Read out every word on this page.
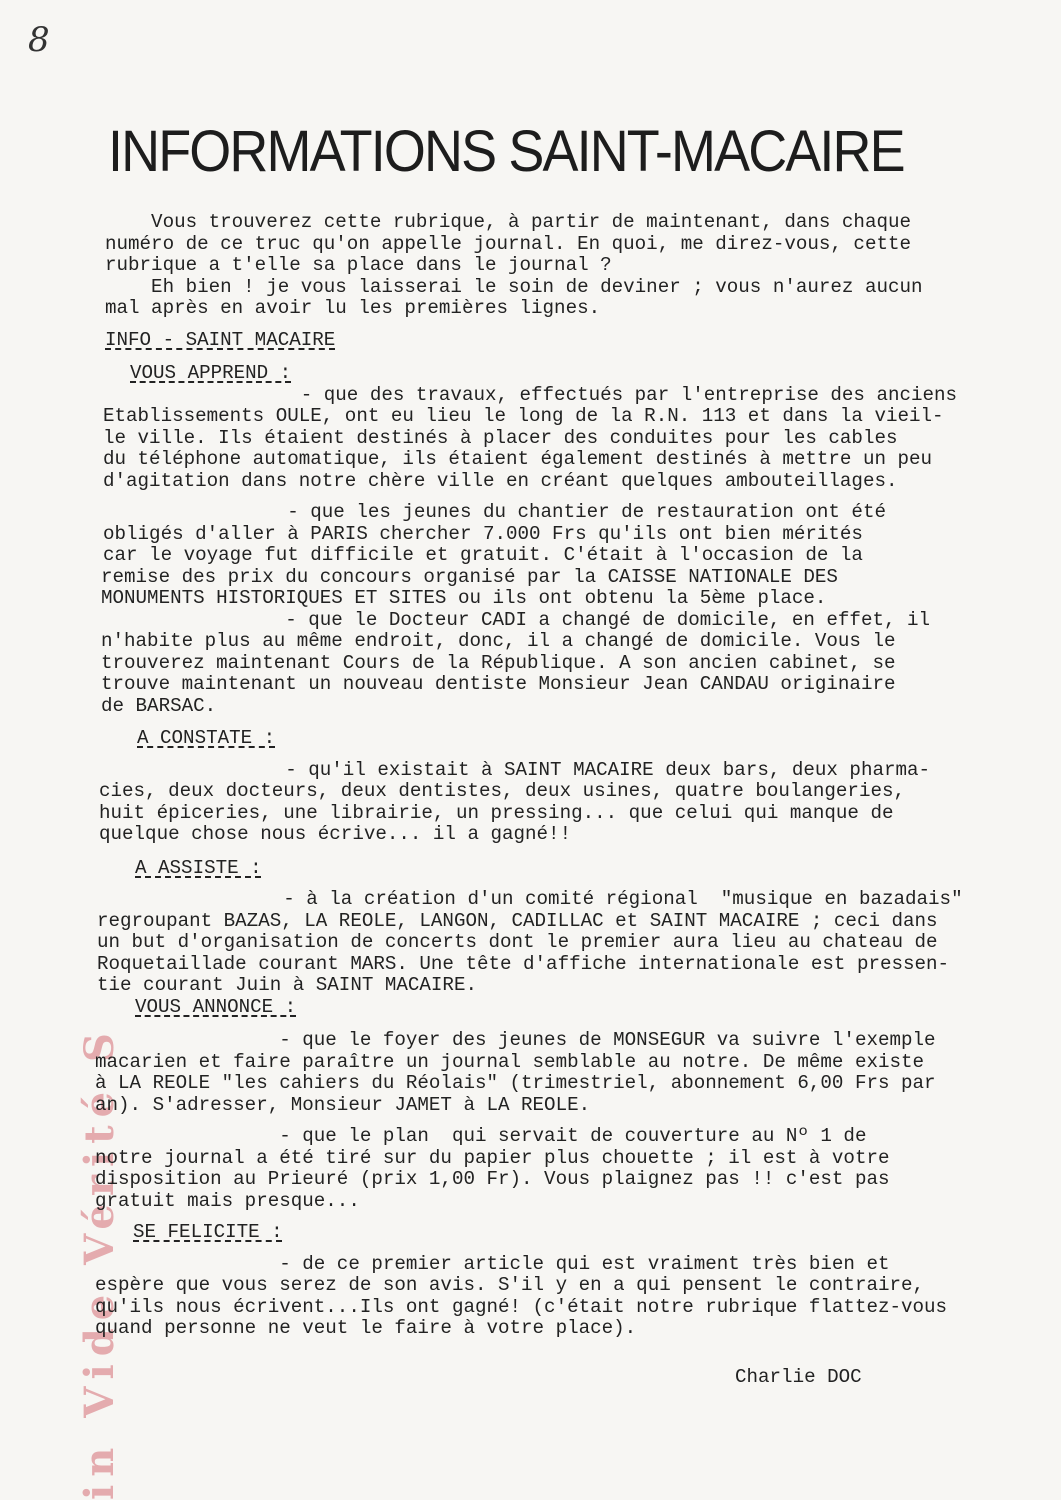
8
INFORMATIONS SAINT-MACAIRE
in Vide Vérité S
Vous trouverez cette rubrique, à partir de maintenant, dans chaque
numéro de ce truc qu'on appelle journal. En quoi, me direz-vous, cette
rubrique a t'elle sa place dans le journal ?
Eh bien ! je vous laisserai le soin de deviner ; vous n'aurez aucun
mal après en avoir lu les premières lignes.
INFO - SAINT MACAIRE
VOUS APPREND :
- que des travaux, effectués par l'entreprise des anciens
Etablissements OULE, ont eu lieu le long de la R.N. 113 et dans la vieil-
le ville. Ils étaient destinés à placer des conduites pour les cables
du téléphone automatique, ils étaient également destinés à mettre un peu
d'agitation dans notre chère ville en créant quelques ambouteillages.
- que les jeunes du chantier de restauration ont été
obligés d'aller à PARIS chercher 7.000 Frs qu'ils ont bien mérités
car le voyage fut difficile et gratuit. C'était à l'occasion de la
remise des prix du concours organisé par la CAISSE NATIONALE DES
MONUMENTS HISTORIQUES ET SITES ou ils ont obtenu la 5ème place.
- que le Docteur CADI a changé de domicile, en effet, il
n'habite plus au même endroit, donc, il a changé de domicile. Vous le
trouverez maintenant Cours de la République. A son ancien cabinet, se
trouve maintenant un nouveau dentiste Monsieur Jean CANDAU originaire
de BARSAC.
A CONSTATE :
- qu'il existait à SAINT MACAIRE deux bars, deux pharma-
cies, deux docteurs, deux dentistes, deux usines, quatre boulangeries,
huit épiceries, une librairie, un pressing... que celui qui manque de
quelque chose nous écrive... il a gagné!!
A ASSISTE :
- à la création d'un comité régional  "musique en bazadais"
regroupant BAZAS, LA REOLE, LANGON, CADILLAC et SAINT MACAIRE ; ceci dans
un but d'organisation de concerts dont le premier aura lieu au chateau de
Roquetaillade courant MARS. Une tête d'affiche internationale est pressen-
tie courant Juin à SAINT MACAIRE.
VOUS ANNONCE :
- que le foyer des jeunes de MONSEGUR va suivre l'exemple
macarien et faire paraître un journal semblable au notre. De même existe
à LA REOLE "les cahiers du Réolais" (trimestriel, abonnement 6,00 Frs par
an). S'adresser, Monsieur JAMET à LA REOLE.
- que le plan  qui servait de couverture au Nº 1 de
notre journal a été tiré sur du papier plus chouette ; il est à votre
disposition au Prieuré (prix 1,00 Fr). Vous plaignez pas !! c'est pas
gratuit mais presque...
SE FELICITE :
- de ce premier article qui est vraiment très bien et
espère que vous serez de son avis. S'il y en a qui pensent le contraire,
qu'ils nous écrivent...Ils ont gagné! (c'était notre rubrique flattez-vous
quand personne ne veut le faire à votre place).
Charlie DOC
